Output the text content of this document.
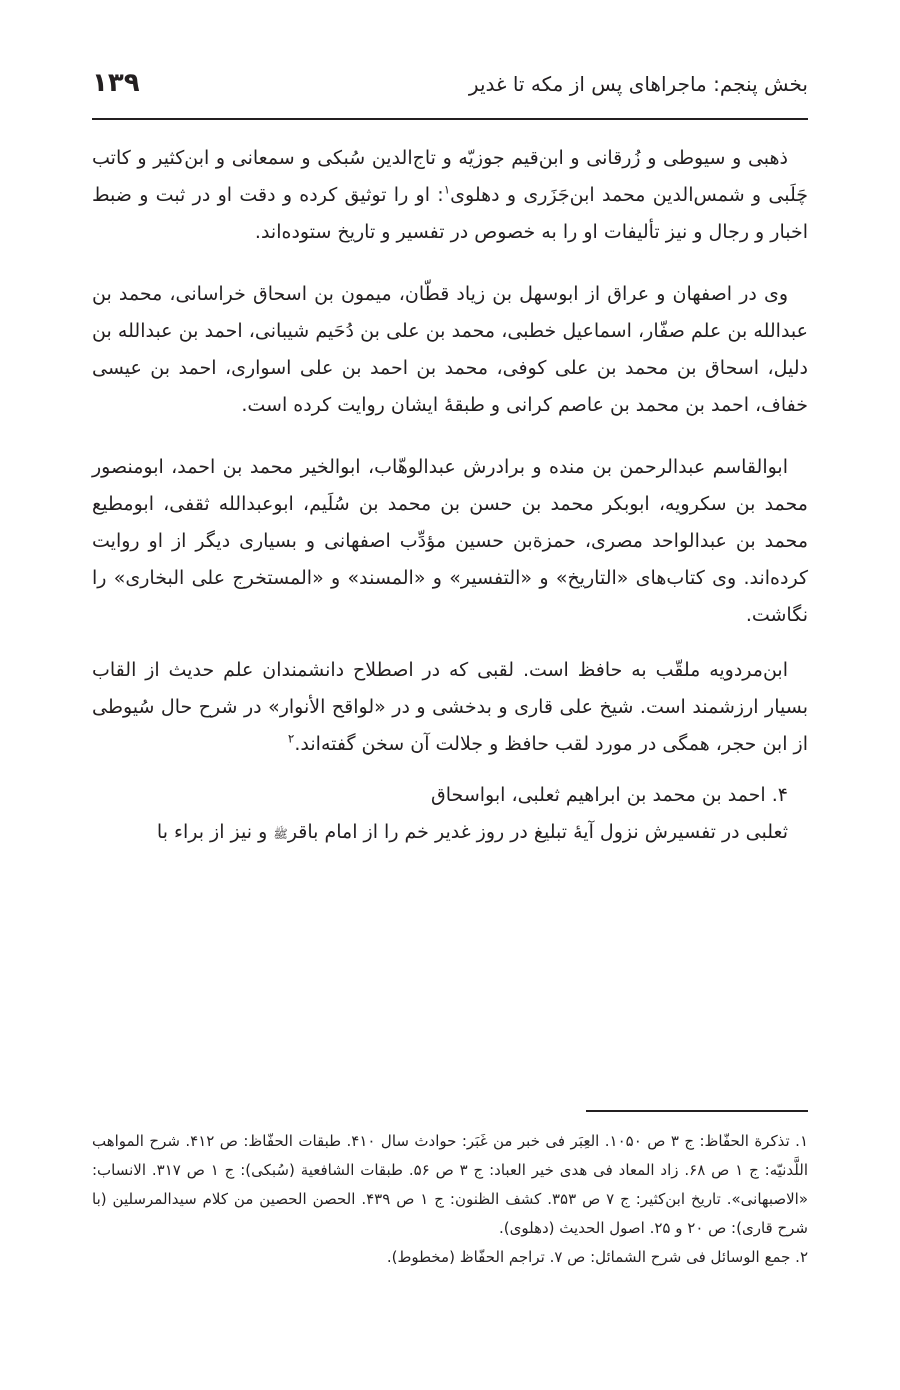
بخش پنجم: ماجراهای پس از مکه تا غدیر
۱۳۹

ذهبی و سیوطی و زُرقانی و ابن‌قیم جوزیّه و تاج‌الدین سُبکی و سمعانی و ابن‌کثیر و کاتب چَلَبی و شمس‌الدین محمد ابن‌جَزَری و دهلوی$^۱$: او را توثیق کرده و دقت او در ثبت و ضبط اخبار و رجال و نیز تألیفات او را به خصوص در تفسیر و تاریخ ستوده‌اند.

وی در اصفهان و عراق از ابوسهل بن زیاد قطّان، میمون بن اسحاق خراسانی، محمد بن عبدالله بن علم صفّار، اسماعیل خطبی، محمد بن علی بن دُحَیم شیبانی، احمد بن عبدالله بن دلیل، اسحاق بن محمد بن علی کوفی، محمد بن احمد بن علی اسواری، احمد بن عیسی خفاف، احمد بن محمد بن عاصم کرانی و طبقهٔ ایشان روایت کرده است.

ابوالقاسم عبدالرحمن بن منده و برادرش عبدالوهّاب، ابوالخیر محمد بن احمد، ابومنصور محمد بن سکرویه، ابوبکر محمد بن حسن بن محمد بن سُلَیم، ابوعبدالله ثقفی، ابومطیع محمد بن عبدالواحد مصری، حمزةبن حسین مؤدِّب اصفهانی و بسیاری دیگر از او روایت کرده‌اند. وی کتاب‌های «التاریخ» و «التفسیر» و «المسند» و «المستخرج علی البخاری» را نگاشت.

ابن‌مردویه ملقّب به حافظ است. لقبی که در اصطلاح دانشمندان علم حدیث از القاب بسیار ارزشمند است. شیخ علی قاری و بدخشی و در «لواقح الأنوار» در شرح حال سُیوطی از ابن حجر، همگی در مورد لقب حافظ و جلالت آن سخن گفته‌اند.$^۲$

۴. احمد بن محمد بن ابراهیم ثعلبی، ابواسحاق

ثعلبی در تفسیرش نزول آیهٔ تبلیغ در روز غدیر خم را از امام باقرﷺ و نیز از براء با

۱. تذکرة الحفّاظ: ج ۳ ص ۱۰۵۰. العِبَر فی خبر من غَبَر: حوادث سال ۴۱۰. طبقات الحفّاظ: ص ۴۱۲. شرح المواهب اللَّدنیّه: ج ۱ ص ۶۸. زاد المعاد فی هدی خیر العباد: ج ۳ ص ۵۶. طبقات الشافعیة (سُبکی): ج ۱ ص ۳۱۷. الانساب: «الاصبهانی». تاریخ ابن‌کثیر: ج ۷ ص ۳۵۳. کشف الظنون: ج ۱ ص ۴۳۹. الحصن الحصین من کلام سیدالمرسلین (با شرح قاری): ص ۲۰ و ۲۵. اصول الحدیث (دهلوی).

۲. جمع الوسائل فی شرح الشمائل: ص ۷. تراجم الحفّاظ (مخطوط).
